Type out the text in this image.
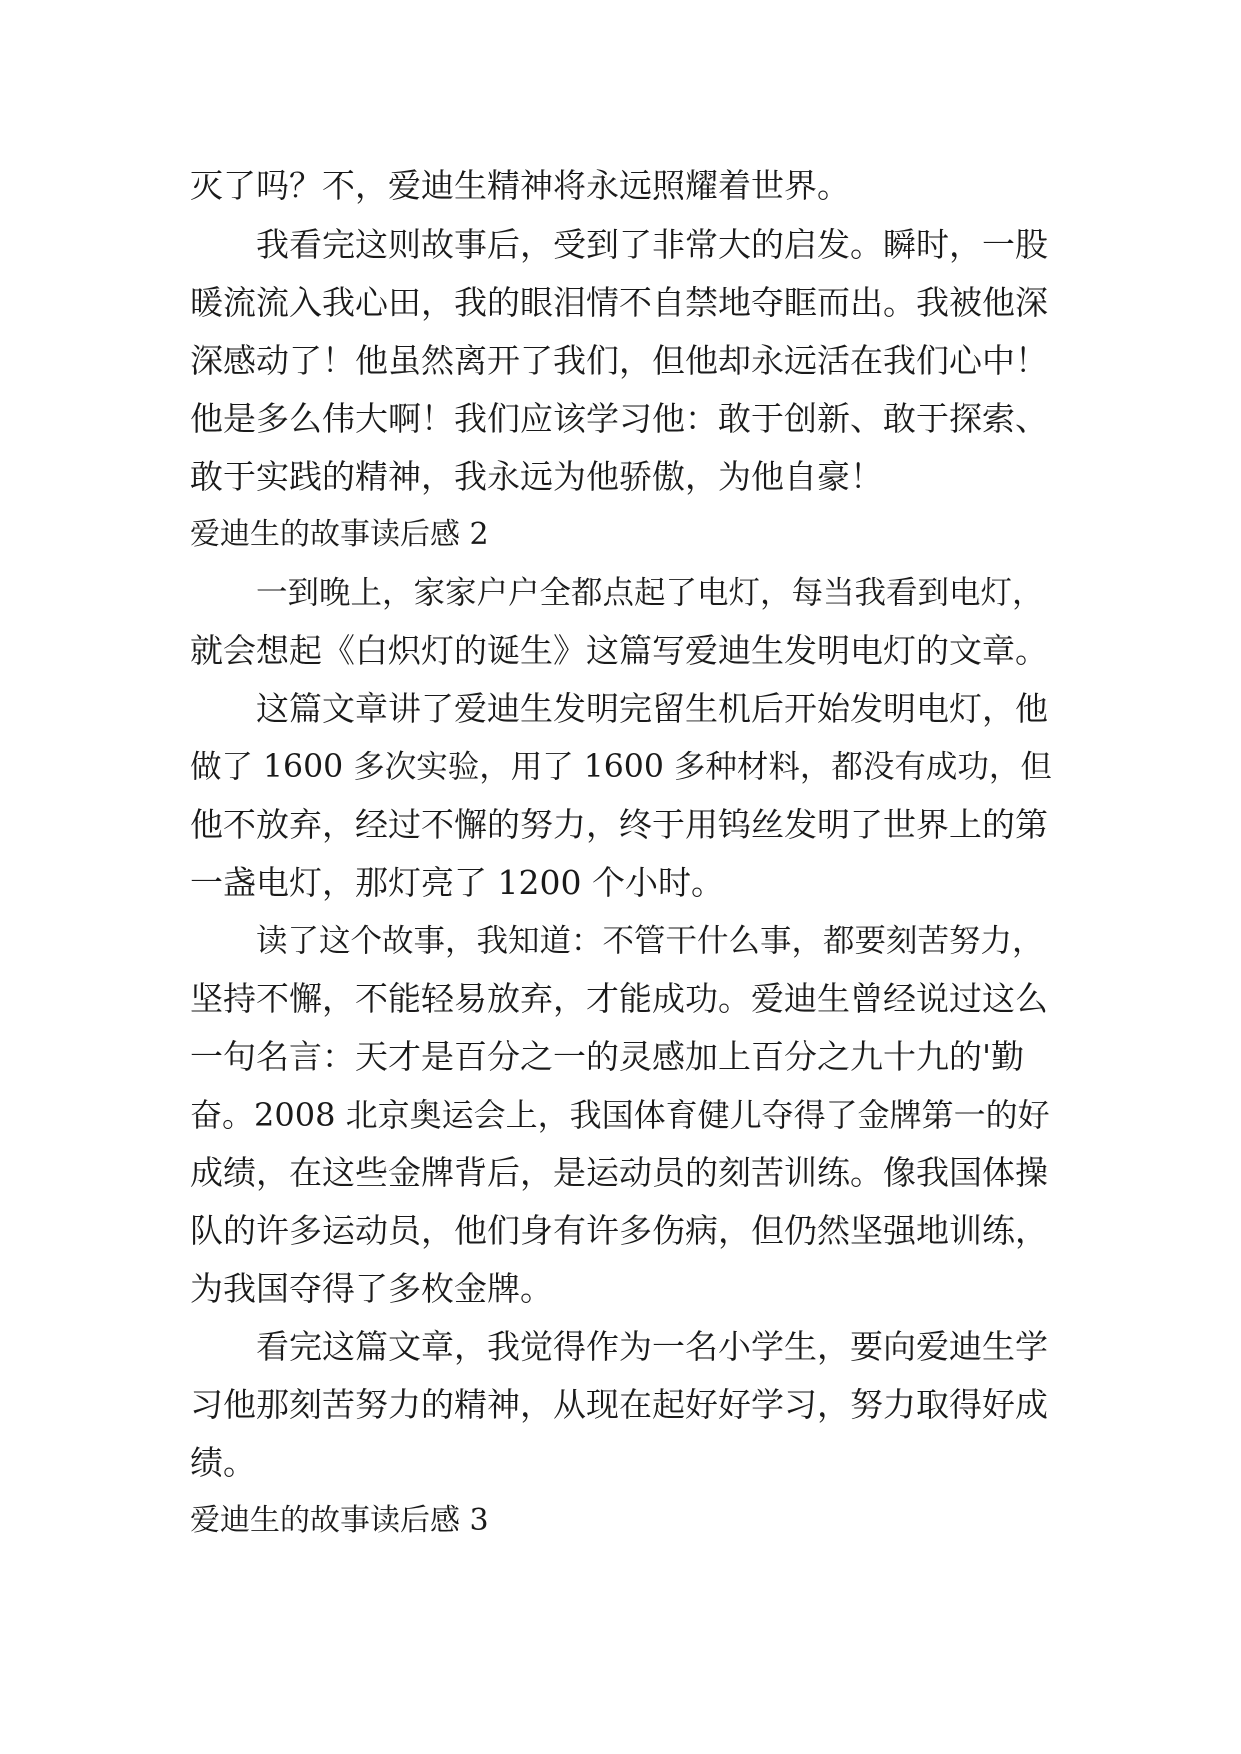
灭了吗？不，爱迪生精神将永远照耀着世界。
我看完这则故事后，受到了非常大的启发。瞬时，一股
暖流流入我心田，我的眼泪情不自禁地夺眶而出。我被他深
深感动了！他虽然离开了我们，但他却永远活在我们心中！
他是多么伟大啊！我们应该学习他：敢于创新、敢于探索、
敢于实践的精神，我永远为他骄傲，为他自豪！
爱迪生的故事读后感 2
一到晚上，家家户户全都点起了电灯，每当我看到电灯，
就会想起《白炽灯的诞生》这篇写爱迪生发明电灯的文章。
这篇文章讲了爱迪生发明完留生机后开始发明电灯，他
做了 1600 多次实验，用了 1600 多种材料，都没有成功，但
他不放弃，经过不懈的努力，终于用钨丝发明了世界上的第
一盏电灯，那灯亮了 1200 个小时。
读了这个故事，我知道：不管干什么事，都要刻苦努力，
坚持不懈，不能轻易放弃，才能成功。爱迪生曾经说过这么
一句名言：天才是百分之一的灵感加上百分之九十九的'勤
奋。2008 北京奥运会上，我国体育健儿夺得了金牌第一的好
成绩，在这些金牌背后，是运动员的刻苦训练。像我国体操
队的许多运动员，他们身有许多伤病，但仍然坚强地训练，
为我国夺得了多枚金牌。
看完这篇文章，我觉得作为一名小学生，要向爱迪生学
习他那刻苦努力的精神，从现在起好好学习，努力取得好成
绩。
爱迪生的故事读后感 3
